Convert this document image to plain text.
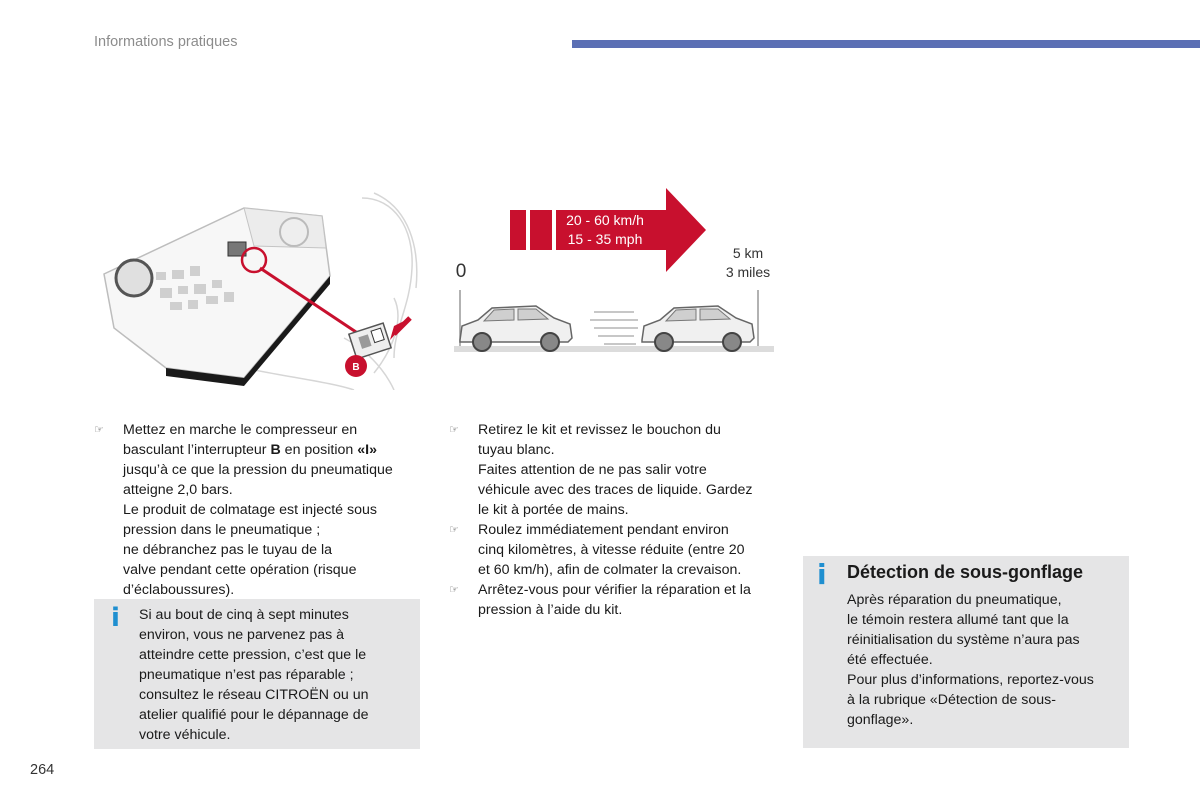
Informations pratiques
B
20 - 60 km/h
15 - 35 mph
0
5 km
3 miles
☞ Mettez en marche le compresseur en

basculant l’interrupteur B en position «I»

jusqu’à ce que la pression du pneumatique

atteigne 2,0 bars.

Le produit de colmatage est injecté sous

pression dans le pneumatique ;

ne débranchez pas le tuyau de la

valve pendant cette opération (risque

d’éclaboussures).

i Si au bout de cinq à sept minutes

environ, vous ne parvenez pas à

atteindre cette pression, c’est que le

pneumatique n’est pas réparable ;

consultez le réseau CITROËN ou un

atelier qualifié pour le dépannage de

votre véhicule.

☞ Retirez le kit et revissez le bouchon du

tuyau blanc.

Faites attention de ne pas salir votre

véhicule avec des traces de liquide. Gardez

le kit à portée de mains.

☞ Roulez immédiatement pendant environ

cinq kilomètres, à vitesse réduite (entre 20

et 60 km/h), afin de colmater la crevaison.

☞ Arrêtez-vous pour vérifier la réparation et la

pression à l’aide du kit.

i Détection de sous-gonflage

Après réparation du pneumatique,

le témoin restera allumé tant que la

réinitialisation du système n’aura pas

été effectuée.

Pour plus d’informations, reportez-vous

à la rubrique «Détection de sous-

gonflage».

264
